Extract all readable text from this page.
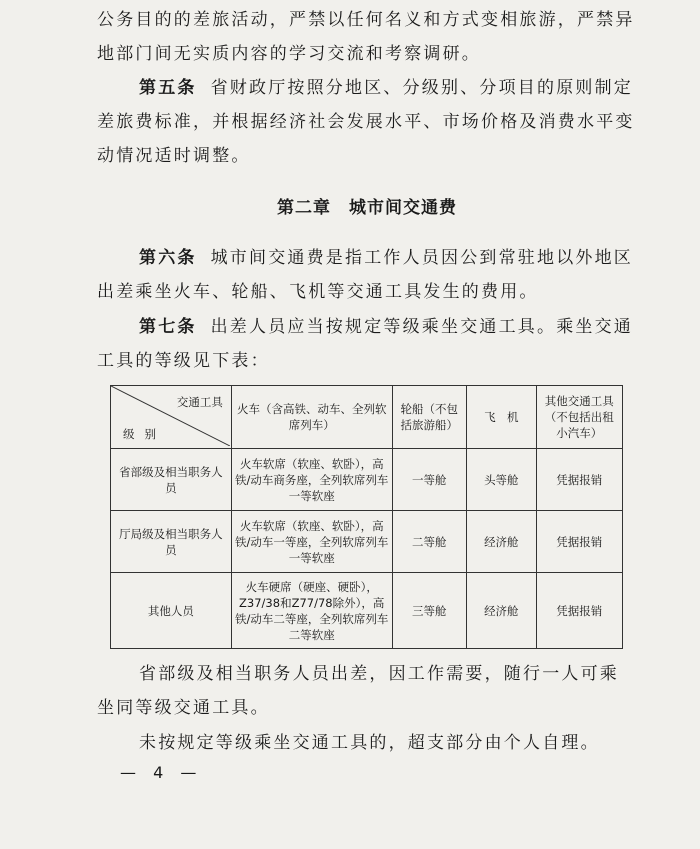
公务目的的差旅活动，严禁以任何名义和方式变相旅游，严禁异地部门间无实质内容的学习交流和考察调研。

第五条 省财政厅按照分地区、分级别、分项目的原则制定差旅费标准，并根据经济社会发展水平、市场价格及消费水平变动情况适时调整。

第二章　城市间交通费

第六条 城市间交通费是指工作人员因公到常驻地以外地区出差乘坐火车、轮船、飞机等交通工具发生的费用。

第七条 出差人员应当按规定等级乘坐交通工具。乘坐交通工具的等级见下表：

交通工具
级别	火车（含高铁、动车、全列软席列车）	轮船（不包括旅游船）	飞　机	其他交通工具（不包括出租小汽车）
省部级及相当职务人员	火车软席（软座、软卧），高铁/动车商务座，全列软席列车一等软座	一等舱	头等舱	凭据报销
厅局级及相当职务人员	火车软席（软座、软卧），高铁/动车一等座，全列软席列车一等软座	二等舱	经济舱	凭据报销
其他人员	火车硬席（硬座、硬卧），Z37/38和Z77/78除外），高铁/动车二等座，全列软席列车二等软座	三等舱	经济舱	凭据报销

省部级及相当职务人员出差，因工作需要，随行一人可乘坐同等级交通工具。

未按规定等级乘坐交通工具的，超支部分由个人自理。

— 4 —
